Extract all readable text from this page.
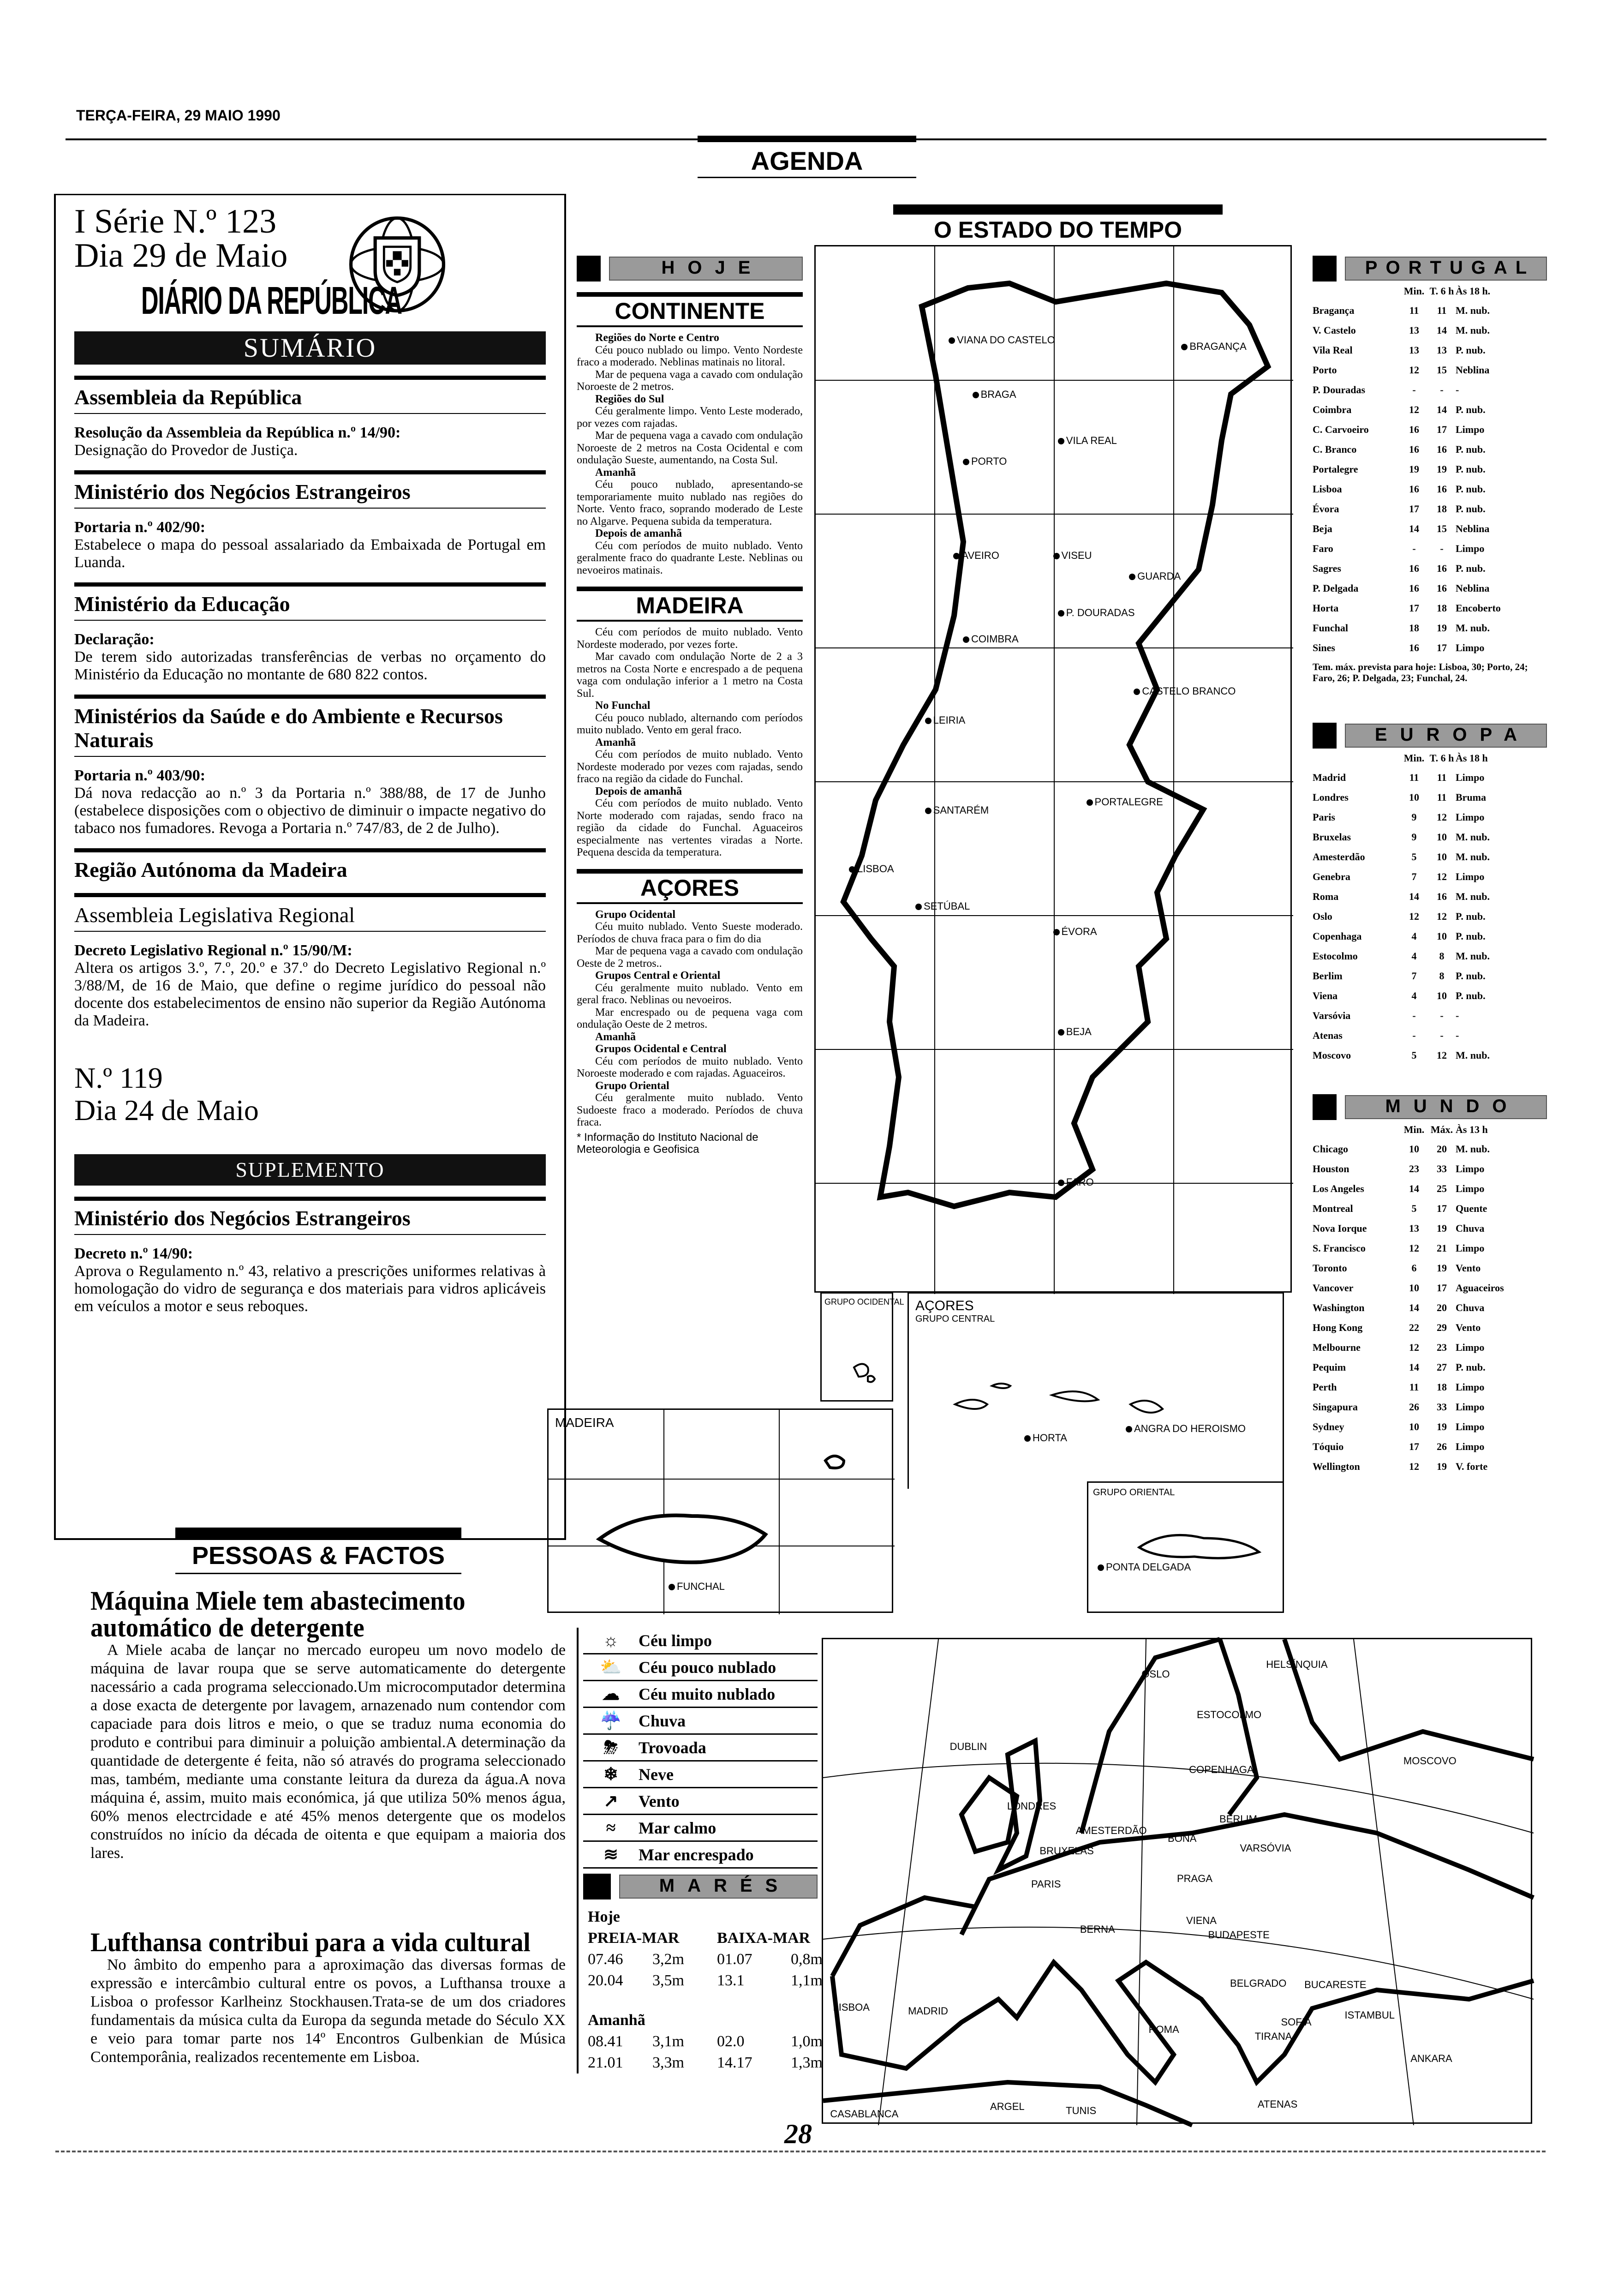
TERÇA-FEIRA, 29 MAIO 1990
AGENDA
I Série N.º 123
Dia 29 de Maio
DIÁRIO DA REPÚBLICA
SUMÁRIO
Assembleia da República
Resolução da Assembleia da República n.º 14/90:
Designação do Provedor de Justiça.
Ministério dos Negócios Estrangeiros
Portaria n.º 402/90:
Estabelece o mapa do pessoal assalariado da Embaixada de Portugal em Luanda.
Ministério da Educação
Declaração:
De terem sido autorizadas transferências de verbas no orçamento do Ministério da Educação no montante de 680 822 contos.
Ministérios da Saúde e do Ambiente e Recursos Naturais
Portaria n.º 403/90:
Dá nova redacção ao n.º 3 da Portaria n.º 388/88, de 17 de Junho (estabelece disposições com o objectivo de diminuir o impacte negativo do tabaco nos fumadores. Revoga a Portaria n.º 747/83, de 2 de Julho).
Região Autónoma da Madeira
Assembleia Legislativa Regional
Decreto Legislativo Regional n.º 15/90/M:
Altera os artigos 3.º, 7.º, 20.º e 37.º do Decreto Legislativo Regional n.º 3/88/M, de 16 de Maio, que define o regime jurídico do pessoal não docente dos estabelecimentos de ensino não superior da Região Autónoma da Madeira.
N.º 119
Dia 24 de Maio
SUPLEMENTO
Ministério dos Negócios Estrangeiros
Decreto n.º 14/90:
Aprova o Regulamento n.º 43, relativo a prescrições uniformes relativas à homologação do vidro de segurança e dos materiais para vidros aplicáveis em veículos a motor e seus reboques.
PESSOAS & FACTOS
Máquina Miele tem abastecimento automático de detergente

A Miele acaba de lançar no mercado europeu um novo modelo de máquina de lavar roupa que se serve automaticamente do detergente nacessário a cada programa seleccionado.Um microcomputador determina a dose exacta de detergente por lavagem, arnazenado num contendor com capaciade para dois litros e meio, o que se traduz numa economia do produto e contribui para diminuir a poluição ambiental.A determinação da quantidade de detergente é feita, não só através do programa seleccionado mas, também, mediante uma constante leitura da dureza da água.A nova máquina é, assim, muito mais económica, já que utiliza 50% menos água, 60% menos electrcidade e até 45% menos detergente que os modelos construídos no início da década de oitenta e que equipam a maioria dos lares.

Lufthansa contribui para a vida cultural

No âmbito do empenho para a aproximação das diversas formas de expressão e intercâmbio cultural entre os povos, a Lufthansa trouxe a Lisboa o professor Karlheinz Stockhausen.Trata-se de um dos criadores fundamentais da música culta da Europa da segunda metade do Século XX e veio para tomar parte nos 14º Encontros Gulbenkian de Música Contemporânia, realizados recentemente em Lisboa.

O ESTADO DO TEMPO
HOJE
CONTINENTE
Regiões do Norte e Centro
Céu pouco nublado ou limpo. Vento Nordeste fraco a moderado. Neblinas matinais no litoral.
Mar de pequena vaga a cavado com ondulação Noroeste de 2 metros.
Regiões do Sul
Céu geralmente limpo. Vento Leste moderado, por vezes com rajadas.
Mar de pequena vaga a cavado com ondulação Noroeste de 2 metros na Costa Ocidental e com ondulação Sueste, aumentando, na Costa Sul.
Amanhã
Céu pouco nublado, apresentando-se temporariamente muito nublado nas regiões do Norte. Vento fraco, soprando moderado de Leste no Algarve. Pequena subida da temperatura.
Depois de amanhã
Céu com períodos de muito nublado. Vento geralmente fraco do quadrante Leste. Neblinas ou nevoeiros matinais.
MADEIRA
Céu com períodos de muito nublado. Vento Nordeste moderado, por vezes forte.
Mar cavado com ondulação Norte de 2 a 3 metros na Costa Norte e encrespado a de pequena vaga com ondulação inferior a 1 metro na Costa Sul.
No Funchal
Céu pouco nublado, alternando com períodos muito nublado. Vento em geral fraco.
Amanhã
Céu com períodos de muito nublado. Vento Nordeste moderado por vezes com rajadas, sendo fraco na região da cidade do Funchal.
Depois de amanhã
Céu com períodos de muito nublado. Vento Norte moderado com rajadas, sendo fraco na região da cidade do Funchal. Aguaceiros especialmente nas vertentes viradas a Norte. Pequena descida da temperatura.
AÇORES
Grupo Ocidental
Céu muito nublado. Vento Sueste moderado. Períodos de chuva fraca para o fim do dia
Mar de pequena vaga a cavado com ondulação Oeste de 2 metros..
Grupos Central e Oriental
Céu geralmente muito nublado. Vento em geral fraco. Neblinas ou nevoeiros.
Mar encrespado ou de pequena vaga com ondulação Oeste de 2 metros.
Amanhã
Grupos Ocidental e Central
Céu com períodos de muito nublado. Vento Noroeste moderado e com rajadas. Aguaceiros.
Grupo Oriental
Céu geralmente muito nublado. Vento Sudoeste fraco a moderado. Períodos de chuva fraca.
* Informação do Instituto Nacional de Meteorologia e Geofisica
VIANA DO CASTELO
BRAGA
BRAGANÇA
VILA REAL
PORTO
AVEIRO	VISEU
GUARDA
P. DOURADAS
COIMBRA
LEIRIA
CASTELO BRANCO
SANTARÉM
PORTALEGRE
LISBOA
SETÚBAL
ÉVORA
BEJA
FARO
GRUPO OCIDENTAL AÇORES
GRUPO CENTRAL
HORTA
ANGRA DO HEROISMO
GRUPO ORIENTAL
PONTA DELGADA
MADEIRA
FUNCHAL
PORTUGAL
	Min.	T. 6 h	Às 18 h.
Bragança	11	11	M. nub.
V. Castelo	13	14	M. nub.
Vila Real	13	13	P. nub.
Porto	12	15	Neblina
P. Douradas	-	-	-
Coimbra	12	14	P. nub.
C. Carvoeiro	16	17	Limpo
C. Branco	16	16	P. nub.
Portalegre	19	19	P. nub.
Lisboa	16	16	P. nub.
Évora	17	18	P. nub.
Beja	14	15	Neblina
Faro	-	-	Limpo
Sagres	16	16	P. nub.
P. Delgada	16	16	Neblina
Horta	17	18	Encoberto
Funchal	18	19	M. nub.
Sines	16	17	Limpo
Tem. máx. prevista para hoje: Lisboa, 30; Porto, 24; Faro, 26; P. Delgada, 23; Funchal, 24.
EUROPA
	Min.	T. 6 h	Às 18 h
Madrid	11	11	Limpo
Londres	10	11	Bruma
Paris	9	12	Limpo
Bruxelas	9	10	M. nub.
Amesterdão	5	10	M. nub.
Genebra	7	12	Limpo
Roma	14	16	M. nub.
Oslo	12	12	P. nub.
Copenhaga	4	10	P. nub.
Estocolmo	4	8	M. nub.
Berlim	7	8	P. nub.
Viena	4	10	P. nub.
Varsóvia	-	-	-
Atenas	-	-	-
Moscovo	5	12	M. nub.
MUNDO
	Min.	Máx.	Às 13 h
Chicago	10	20	M. nub.
Houston	23	33	Limpo
Los Angeles	14	25	Limpo
Montreal	5	17	Quente
Nova Iorque	13	19	Chuva
S. Francisco	12	21	Limpo
Toronto	6	19	Vento
Vancover	10	17	Aguaceiros
Washington	14	20	Chuva
Hong Kong	22	29	Vento
Melbourne	12	23	Limpo
Pequim	14	27	P. nub.
Perth	11	18	Limpo
Singapura	26	33	Limpo
Sydney	10	19	Limpo
Tóquio	17	26	Limpo
Wellington	12	19	V. forte
☼	Céu limpo
⛅	Céu pouco nublado
☁	Céu muito nublado
☔	Chuva
⛈	Trovoada
❄	Neve
↗	Vento
≈	Mar calmo
≋	Mar encrespado
MARÉS
Hoje
PREIA-MAR	BAIXA-MAR
07.46	3,2m	01.07	0,8m
20.04	3,5m	13.1	1,1m
Amanhã
08.41	3,1m	02.0	1,0m
21.01	3,3m	14.17	1,3m
OSLO
HELSÍNQUIA
ESTOCOLMO
DUBLIN
MOSCOVO
COPENHAGA
LONDRES
AMESTERDÃO
BERLIM
BONA
BRUXELAS	VARSÓVIA
PARIS
PRAGA
BERNA
VIENA
BUDAPESTE
BELGRADO BUCARESTE
LISBOA	MADRID
ROMA
SOFIA
ISTAMBUL
TIRANA
ANKARA
ARGEL	TUNIS
ATENAS
CASABLANCA
28
